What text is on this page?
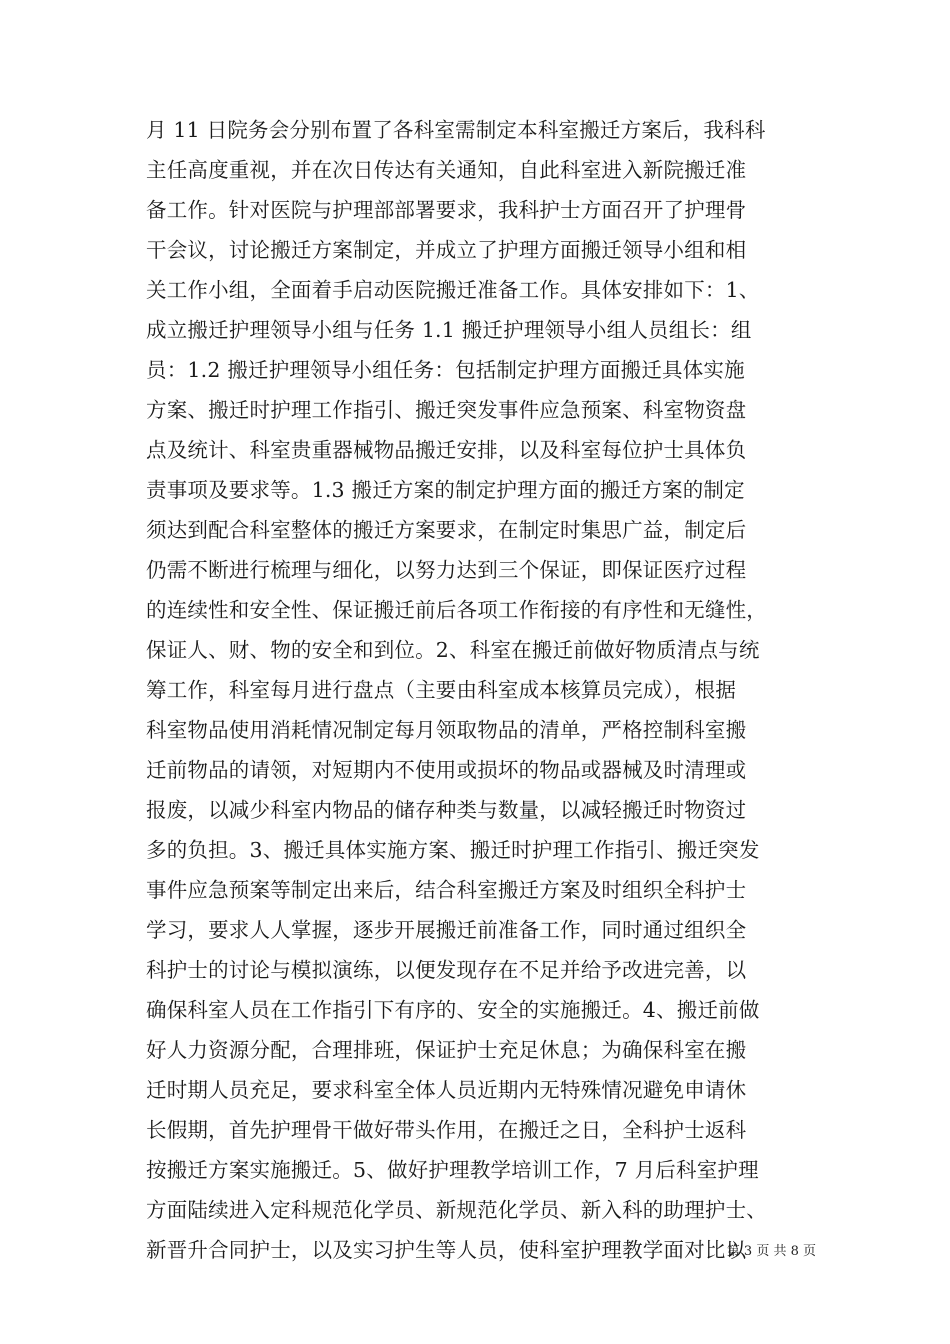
月 11 日院务会分别布置了各科室需制定本科室搬迁方案后，我科科
主任高度重视，并在次日传达有关通知，自此科室进入新院搬迁准
备工作。针对医院与护理部部署要求，我科护士方面召开了护理骨
干会议，讨论搬迁方案制定，并成立了护理方面搬迁领导小组和相
关工作小组，全面着手启动医院搬迁准备工作。具体安排如下：1、
成立搬迁护理领导小组与任务 1.1 搬迁护理领导小组人员组长：组
员：1.2 搬迁护理领导小组任务：包括制定护理方面搬迁具体实施
方案、搬迁时护理工作指引、搬迁突发事件应急预案、科室物资盘
点及统计、科室贵重器械物品搬迁安排，以及科室每位护士具体负
责事项及要求等。1.3 搬迁方案的制定护理方面的搬迁方案的制定
须达到配合科室整体的搬迁方案要求，在制定时集思广益，制定后
仍需不断进行梳理与细化，以努力达到三个保证，即保证医疗过程
的连续性和安全性、保证搬迁前后各项工作衔接的有序性和无缝性，
保证人、财、物的安全和到位。2、科室在搬迁前做好物质清点与统
筹工作，科室每月进行盘点（主要由科室成本核算员完成），根据
科室物品使用消耗情况制定每月领取物品的清单，严格控制科室搬
迁前物品的请领，对短期内不使用或损坏的物品或器械及时清理或
报废，以减少科室内物品的储存种类与数量，以减轻搬迁时物资过
多的负担。3、搬迁具体实施方案、搬迁时护理工作指引、搬迁突发
事件应急预案等制定出来后，结合科室搬迁方案及时组织全科护士
学习，要求人人掌握，逐步开展搬迁前准备工作，同时通过组织全
科护士的讨论与模拟演练，以便发现存在不足并给予改进完善，以
确保科室人员在工作指引下有序的、安全的实施搬迁。4、搬迁前做
好人力资源分配，合理排班，保证护士充足休息；为确保科室在搬
迁时期人员充足，要求科室全体人员近期内无特殊情况避免申请休
长假期，首先护理骨干做好带头作用，在搬迁之日，全科护士返科
按搬迁方案实施搬迁。5、做好护理教学培训工作，7 月后科室护理
方面陆续进入定科规范化学员、新规范化学员、新入科的助理护士、
新晋升合同护士，以及实习护生等人员，使科室护理教学面对比以
第 3 页 共 8 页
